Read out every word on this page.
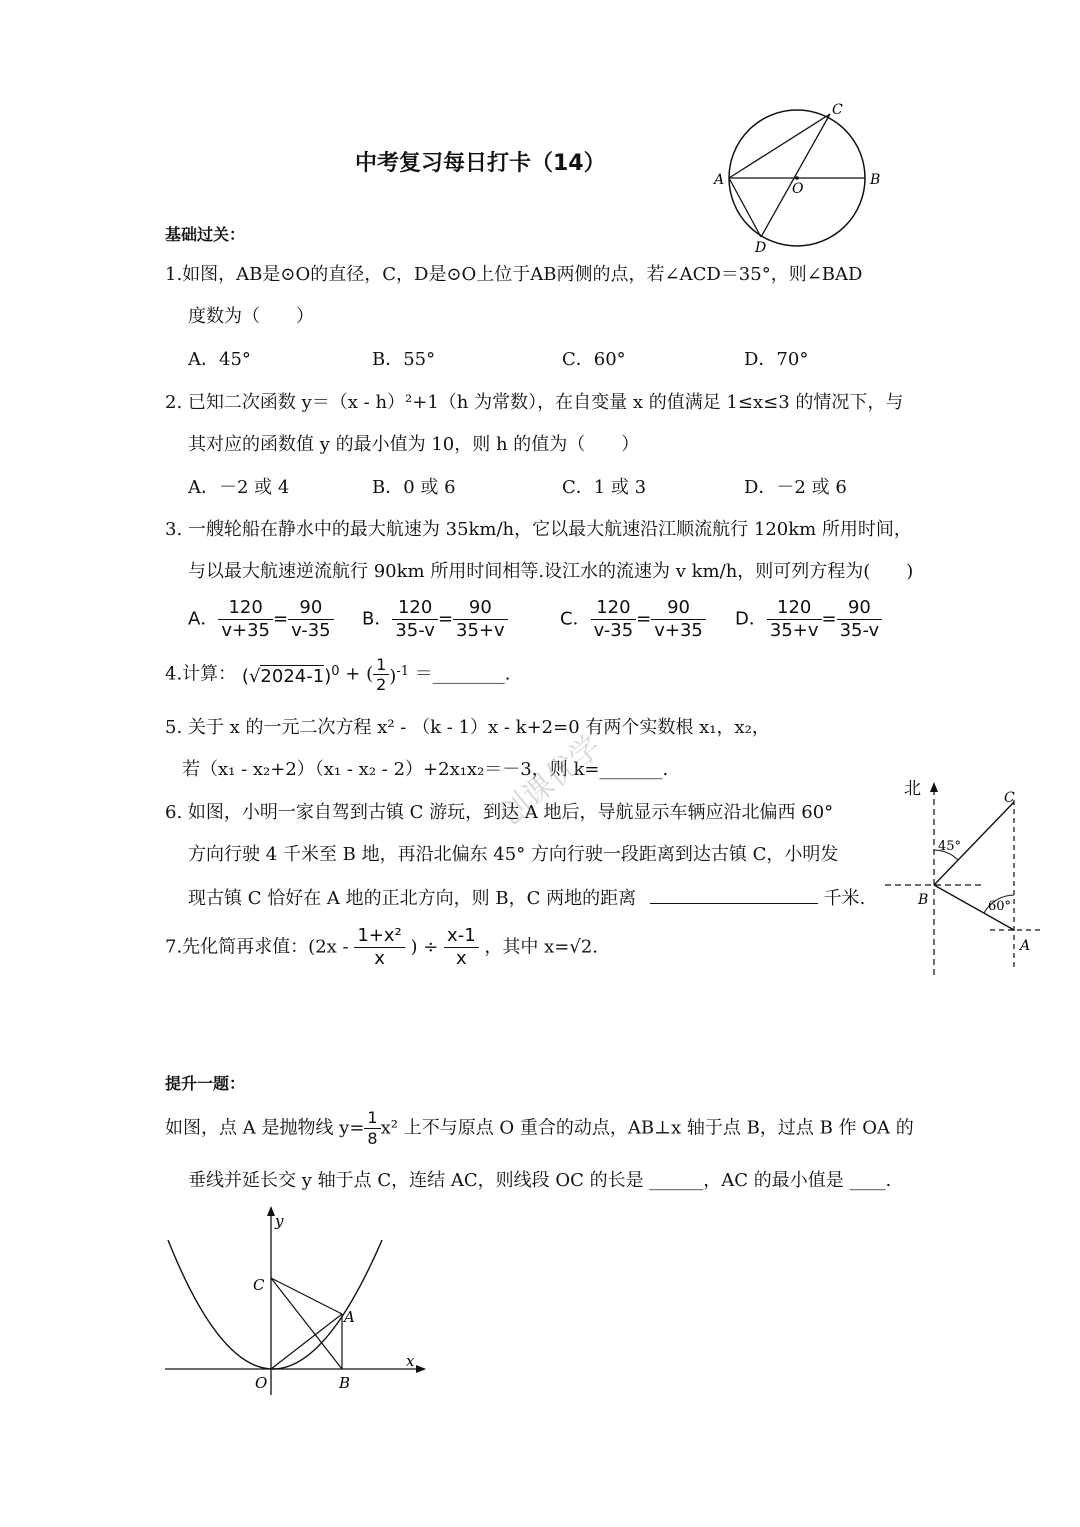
中考复习每日打卡（14）
A	B
C
D
O
基础过关：
1.如图，AB是⊙O的直径，C，D是⊙O上位于AB两侧的点，若∠ACD＝35°，则∠BAD
度数为（　　）
A．45°	B．55°	C．60°	D．70°
2. 已知二次函数 y＝（x - h）²+1（h 为常数），在自变量 x 的值满足 1≤x≤3 的情况下，与
其对应的函数值 y 的最小值为 10，则 h 的值为（　　）
A．－2 或 4	B．0 或 6	C．1 或 3	D．－2 或 6
3. 一艘轮船在静水中的最大航速为 35km/h，它以最大航速沿江顺流航行 120km 所用时间，
与以最大航速逆流航行 90km 所用时间相等.设江水的流速为 v km/h，则可列方程为(　　)
A． $\frac{120}{v+35} = \frac{90}{v-35}$ B． $\frac{120}{35-v} = \frac{90}{35+v}$	C． $\frac{120}{v-35} = \frac{90}{v+35}$ D． $\frac{120}{35+v} = \frac{90}{35-v}$
4.计算： $(√2024-1)^0$ + ( $\frac{1}{2} )^{-1}$ ＝________.
5. 关于 x 的一元二次方程 x² - （k - 1）x - k+2=0 有两个实数根 x₁，x₂，
若（x₁ - x₂+2）（x₁ - x₂ - 2）+2x₁x₂＝－3，则 k=_______.
创课优学
6. 如图，小明一家自驾到古镇 C 游玩，到达 A 地后，导航显示车辆应沿北偏西 60°
方向行驶 4 千米至 B 地，再沿北偏东 45° 方向行驶一段距离到达古镇 C，小明发
现古镇 C 恰好在 A 地的正北方向，则 B，C 两地的距离	千米.
北	C
B
A
45°
60°
7.先化简再求值：($2x - \frac{\text{1+x²}}{x}$ ) ÷ $\frac{x-1}{x}$ ，其中 x=√2.
提升一题：
如图，点 A 是抛物线 $y= \frac{1}{8} x^2$ 上不与原点 O 重合的动点，AB⊥x 轴于点 B，过点 B 作 OA 的
垂线并延长交 y 轴于点 C，连结 AC，则线段 OC 的长是 ______，AC 的最小值是 ____.
y
x
C
A
O	B
